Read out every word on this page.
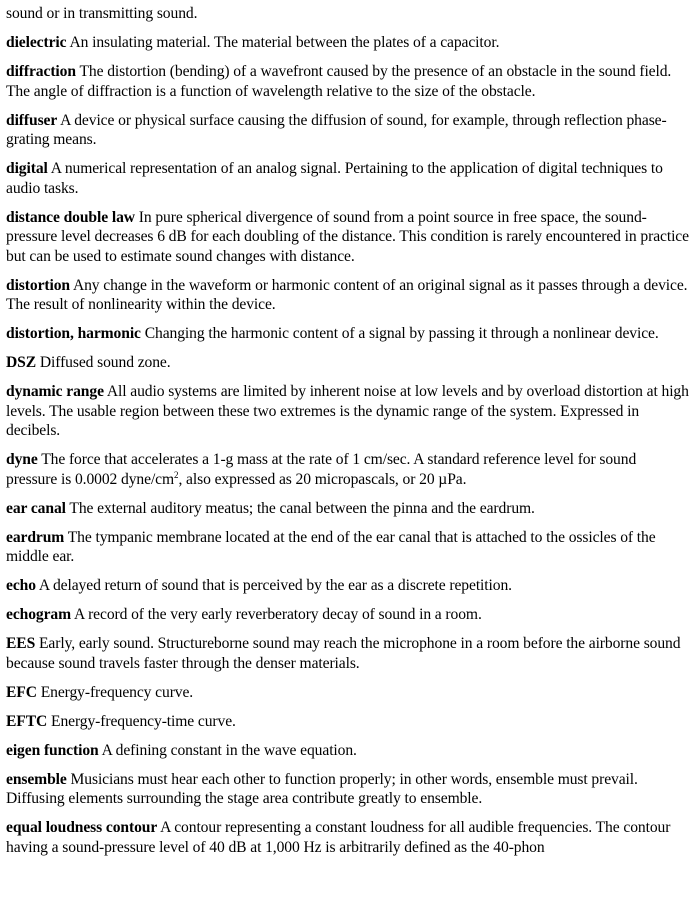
sound or in transmitting sound.

dielectric An insulating material. The material between the plates of a capacitor.

diffraction The distortion (bending) of a wavefront caused by the presence of an obstacle in the sound field. The angle of diffraction is a function of wavelength relative to the size of the obstacle.

diffuser A device or physical surface causing the diffusion of sound, for example, through reflection phase-grating means.

digital A numerical representation of an analog signal. Pertaining to the application of digital techniques to audio tasks.

distance double law In pure spherical divergence of sound from a point source in free space, the sound-pressure level decreases 6 dB for each doubling of the distance. This condition is rarely encountered in practice but can be used to estimate sound changes with distance.

distortion Any change in the waveform or harmonic content of an original signal as it passes through a device. The result of nonlinearity within the device.

distortion, harmonic Changing the harmonic content of a signal by passing it through a nonlinear device.

DSZ Diffused sound zone.

dynamic range All audio systems are limited by inherent noise at low levels and by overload distortion at high levels. The usable region between these two extremes is the dynamic range of the system. Expressed in decibels.

dyne The force that accelerates a 1-g mass at the rate of 1 cm/sec. A standard reference level for sound pressure is 0.0002 dyne/$cm^2$, also expressed as 20 micropascals, or 20 µPa.

ear canal The external auditory meatus; the canal between the pinna and the eardrum.

eardrum The tympanic membrane located at the end of the ear canal that is attached to the ossicles of the middle ear.

echo A delayed return of sound that is perceived by the ear as a discrete repetition.

echogram A record of the very early reverberatory decay of sound in a room.

EES Early, early sound. Structureborne sound may reach the microphone in a room before the airborne sound because sound travels faster through the denser materials.

EFC Energy-frequency curve.

EFTC Energy-frequency-time curve.

eigen function A defining constant in the wave equation.

ensemble Musicians must hear each other to function properly; in other words, ensemble must prevail. Diffusing elements surrounding the stage area contribute greatly to ensemble.

equal loudness contour A contour representing a constant loudness for all audible frequencies. The contour having a sound-pressure level of 40 dB at 1,000 Hz is arbitrarily defined as the 40-phon
